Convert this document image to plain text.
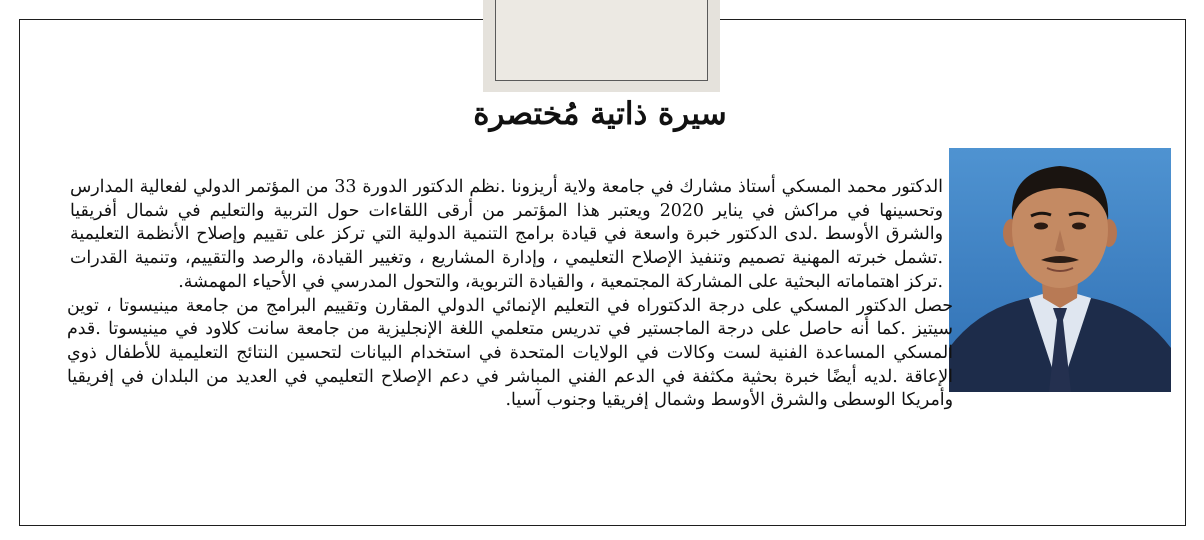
سيرة ذاتية مُختصرة

الدكتور محمد المسكي أستاذ مشارك في جامعة ولاية أريزونا .نظم الدكتور الدورة 33 من المؤتمر الدولي لفعالية المدارس وتحسينها في مراكش في يناير 2020 ويعتبر هذا المؤتمر من أرقى اللقاءات حول التربية والتعليم في شمال أفريقيا والشرق الأوسط .لدى الدكتور خبرة واسعة في قيادة برامج التنمية الدولية التي تركز على تقييم وإصلاح الأنظمة التعليمية .تشمل خبرته المهنية تصميم وتنفيذ الإصلاح التعليمي ، وإدارة المشاريع ، وتغيير القيادة، والرصد والتقييم، وتنمية القدرات .تركز اهتماماته البحثية على المشاركة المجتمعية ، والقيادة التربوية، والتحول المدرسي في الأحياء المهمشة.

حصل الدكتور المسكي على درجة الدكتوراه في التعليم الإنمائي الدولي المقارن وتقييم البرامج من جامعة مينيسوتا ، توين سيتيز .كما أنه حاصل على درجة الماجستير في تدريس متعلمي اللغة الإنجليزية من جامعة سانت كلاود في مينيسوتا .قدم المسكي المساعدة الفنية لست وكالات في الولايات المتحدة في استخدام البيانات لتحسين النتائج التعليمية للأطفال ذوي الإعاقة .لديه أيضًا خبرة بحثية مكثفة في الدعم الفني المباشر في دعم الإصلاح التعليمي في العديد من البلدان في إفريقيا وأمريكا الوسطى والشرق الأوسط وشمال إفريقيا وجنوب آسيا.
